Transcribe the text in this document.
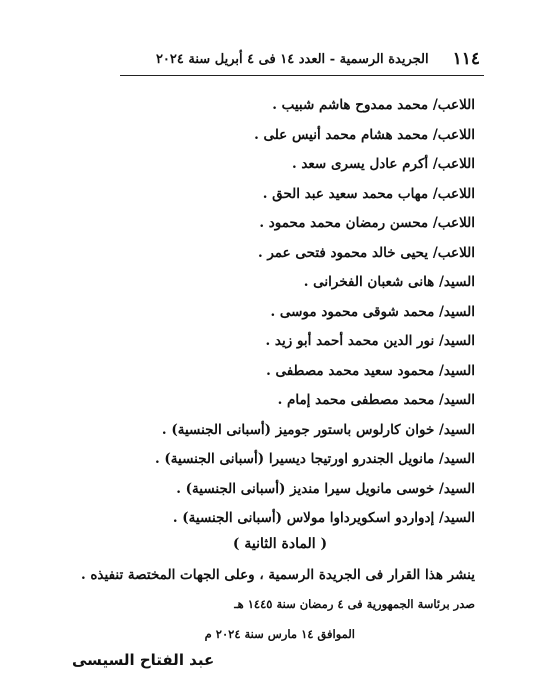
١١٤
الجريدة الرسمية - العدد ١٤ فى ٤ أبريل سنة ٢٠٢٤
اللاعب/ محمد ممدوح هاشم شبيب .
اللاعب/ محمد هشام محمد أنيس على .
اللاعب/ أكرم عادل يسرى سعد .
اللاعب/ مهاب محمد سعيد عبد الحق .
اللاعب/ محسن رمضان محمد محمود .
اللاعب/ يحيى خالد محمود فتحى عمر .
السيد/ هانى شعبان الفخرانى .
السيد/ محمد شوقى محمود موسى .
السيد/ نور الدين محمد أحمد أبو زيد .
السيد/ محمود سعيد محمد مصطفى .
السيد/ محمد مصطفى محمد إمام .
السيد/ خوان كارلوس باستور جوميز (أسبانى الجنسية) .
السيد/ مانويل الجندرو اورتيجا ديسيرا (أسبانى الجنسية) .
السيد/ خوسى مانويل سيرا منديز (أسبانى الجنسية) .
السيد/ إدواردو اسكويرداوا مولاس (أسبانى الجنسية) .
( المادة الثانية )
ينشر هذا القرار فى الجريدة الرسمية ، وعلى الجهات المختصة تنفيذه .
صدر برئاسة الجمهورية فى ٤ رمضان سنة ١٤٤٥ هـ
الموافق ١٤ مارس سنة ٢٠٢٤ م
عبد الفتاح السيسى
